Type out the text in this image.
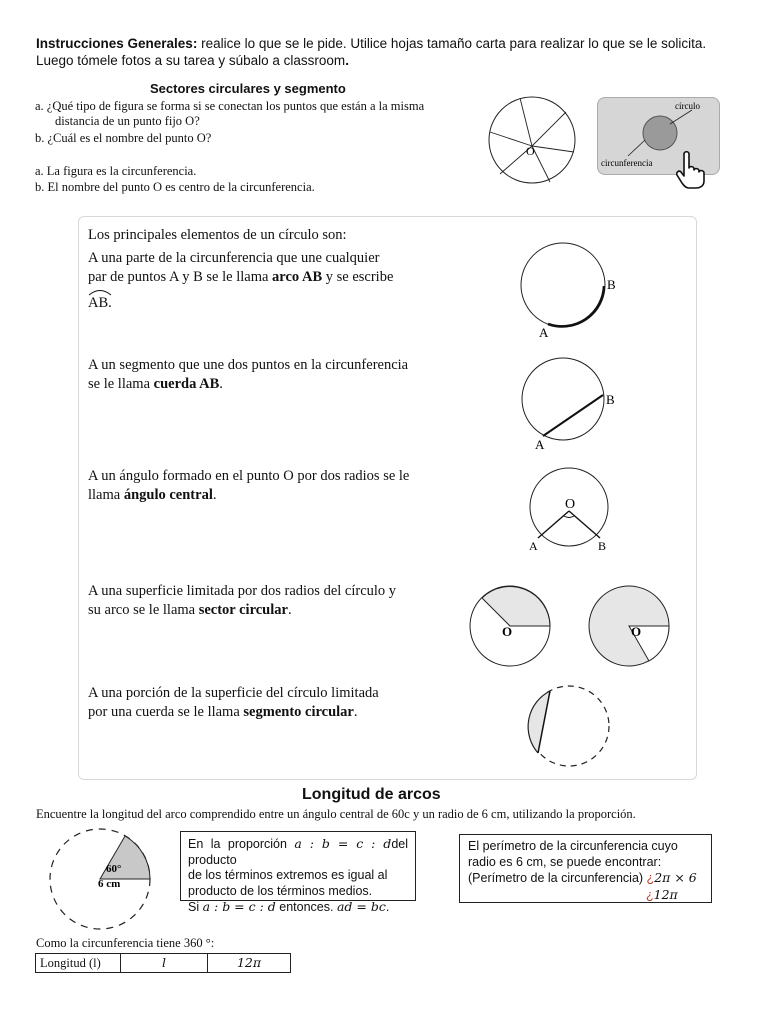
Instrucciones Generales: realice lo que se le pide. Utilice hojas tamaño carta para realizar lo que se le solicita. Luego tómele fotos a su tarea y súbalo a classroom.
Sectores circulares y segmento
a. ¿Qué tipo de figura se forma si se conectan los puntos que están a la misma
distancia de un punto fijo O?
b. ¿Cuál es el nombre del punto O?
a. La figura es la circunferencia.
b. El nombre del punto O es centro de la circunferencia.
O
círculo
circunferencia
Los principales elementos de un círculo son:
A una parte de la circunferencia que une cualquier
par de puntos A y B se le llama arco AB y se escribe
AB.
A un segmento que une dos puntos en la circunferencia
se le llama cuerda AB.
A un ángulo formado en el punto O por dos radios se le
llama ángulo central.
A una superficie limitada por dos radios del círculo y
su arco se le llama sector circular.
A una porción de la superficie del círculo limitada
por una cuerda se le llama segmento circular.
B
A
B
A
O
A	B
O	O
Longitud de arcos
Encuentre la longitud del arco comprendido entre un ángulo central de 60c y un radio de 6 cm, utilizando la proporción.
60°
6 cm
En la proporción a : b = c : ddel producto
de los términos extremos es igual al
producto de los términos medios.
Si a : b = c : d entonces. ad = bc.
El perímetro de la circunferencia cuyo
radio es 6 cm, se puede encontrar:
(Perímetro de la circunferencia) ¿2π × 6
¿12π
Como la circunferencia tiene 360 °:
Longitud (l)	l	12π
